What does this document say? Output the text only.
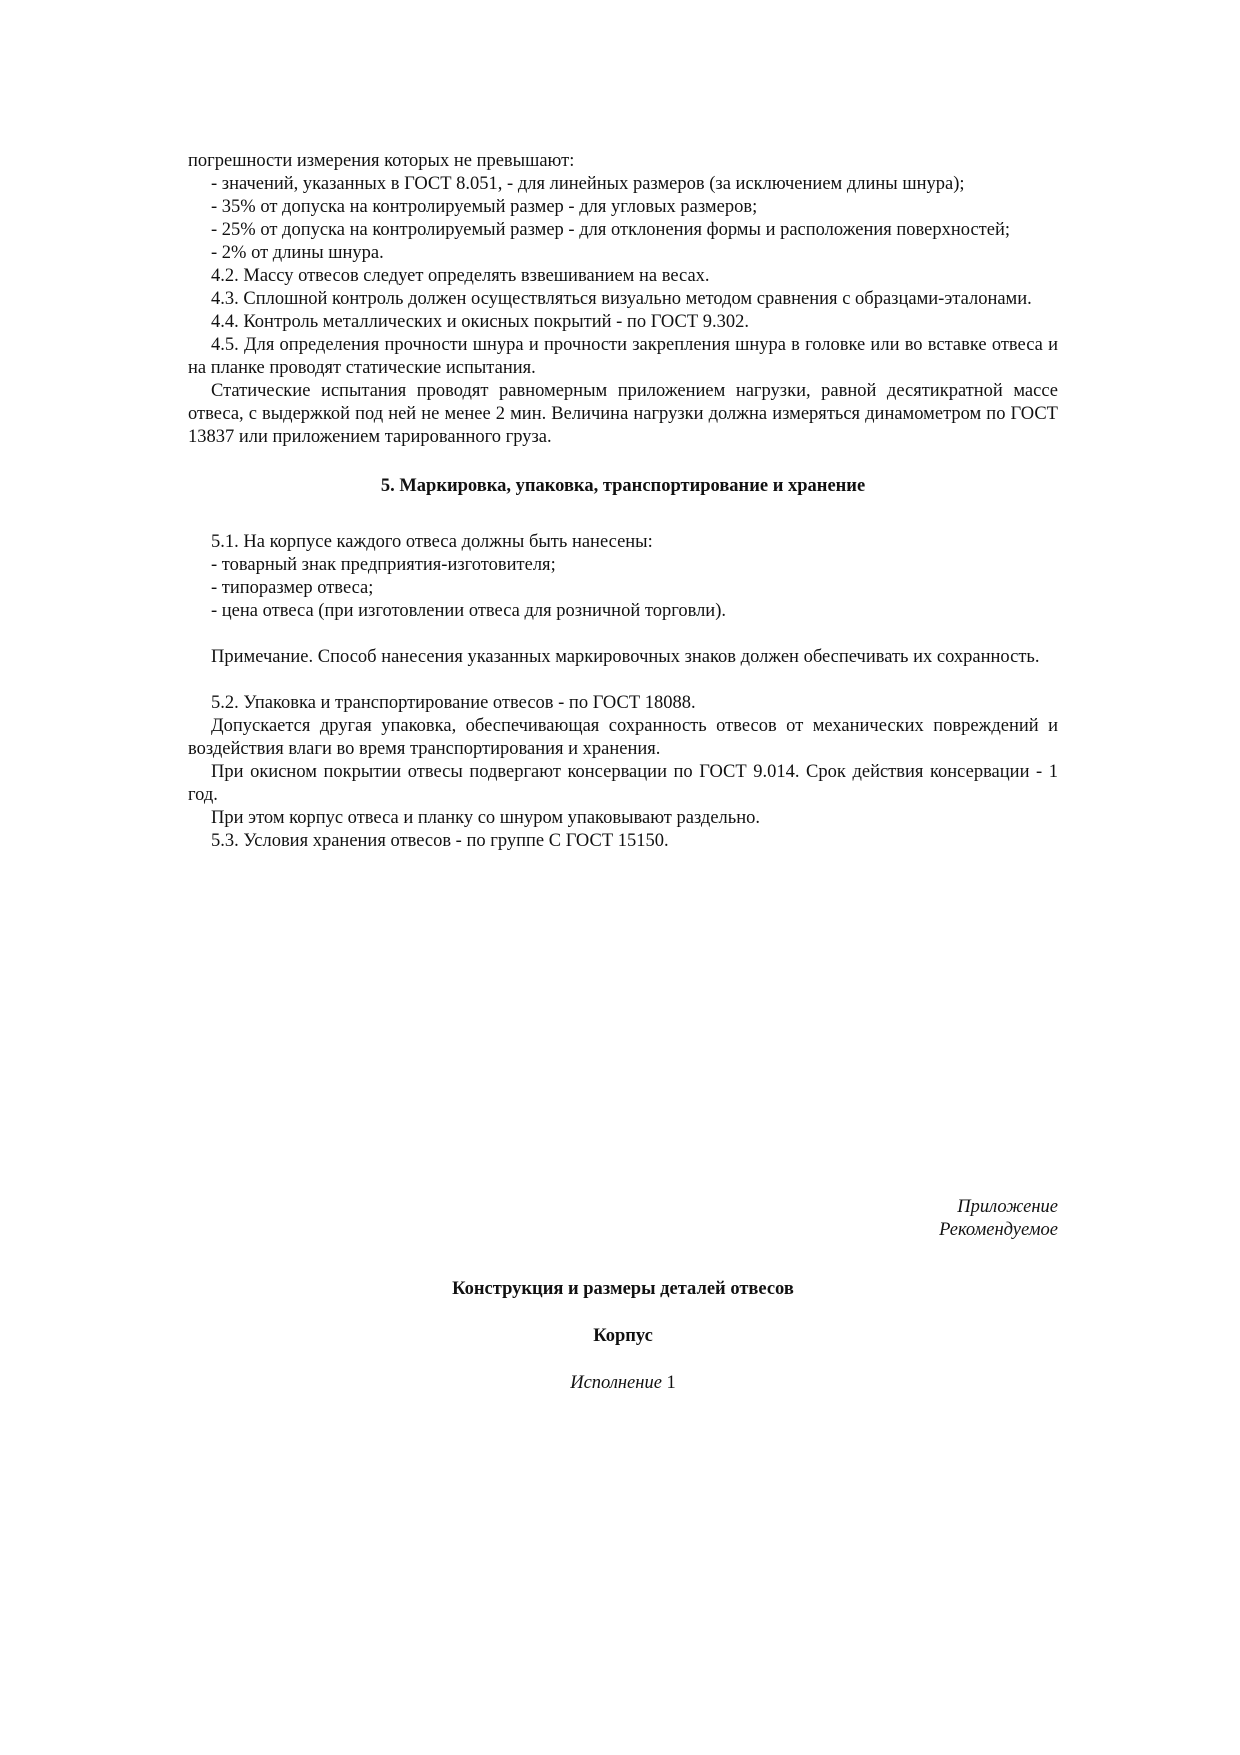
погрешности измерения которых не превышают:

- значений, указанных в ГОСТ 8.051, - для линейных размеров (за исключением длины шнура);

- 35% от допуска на контролируемый размер - для угловых размеров;

- 25% от допуска на контролируемый размер - для отклонения формы и расположения поверхностей;

- 2% от длины шнура.

4.2. Массу отвесов следует определять взвешиванием на весах.

4.3. Сплошной контроль должен осуществляться визуально методом сравнения с образцами-эталонами.

4.4. Контроль металлических и окисных покрытий - по ГОСТ 9.302.

4.5. Для определения прочности шнура и прочности закрепления шнура в головке или во вставке отвеса и на планке проводят статические испытания.

Статические испытания проводят равномерным приложением нагрузки, равной десятикратной массе отвеса, с выдержкой под ней не менее 2 мин. Величина нагрузки должна измеряться динамометром по ГОСТ 13837 или приложением тарированного груза.

5. Маркировка, упаковка, транспортирование и хранение

5.1. На корпусе каждого отвеса должны быть нанесены:

- товарный знак предприятия-изготовителя;

- типоразмер отвеса;

- цена отвеса (при изготовлении отвеса для розничной торговли).

Примечание. Способ нанесения указанных маркировочных знаков должен обеспечивать их сохранность.

5.2. Упаковка и транспортирование отвесов - по ГОСТ 18088.

Допускается другая упаковка, обеспечивающая сохранность отвесов от механических повреждений и воздействия влаги во время транспортирования и хранения.

При окисном покрытии отвесы подвергают консервации по ГОСТ 9.014. Срок действия консервации - 1 год.

При этом корпус отвеса и планку со шнуром упаковывают раздельно.

5.3. Условия хранения отвесов - по группе С ГОСТ 15150.

Приложение

Рекомендуемое

Конструкция и размеры деталей отвесов

Корпус

Исполнение 1
